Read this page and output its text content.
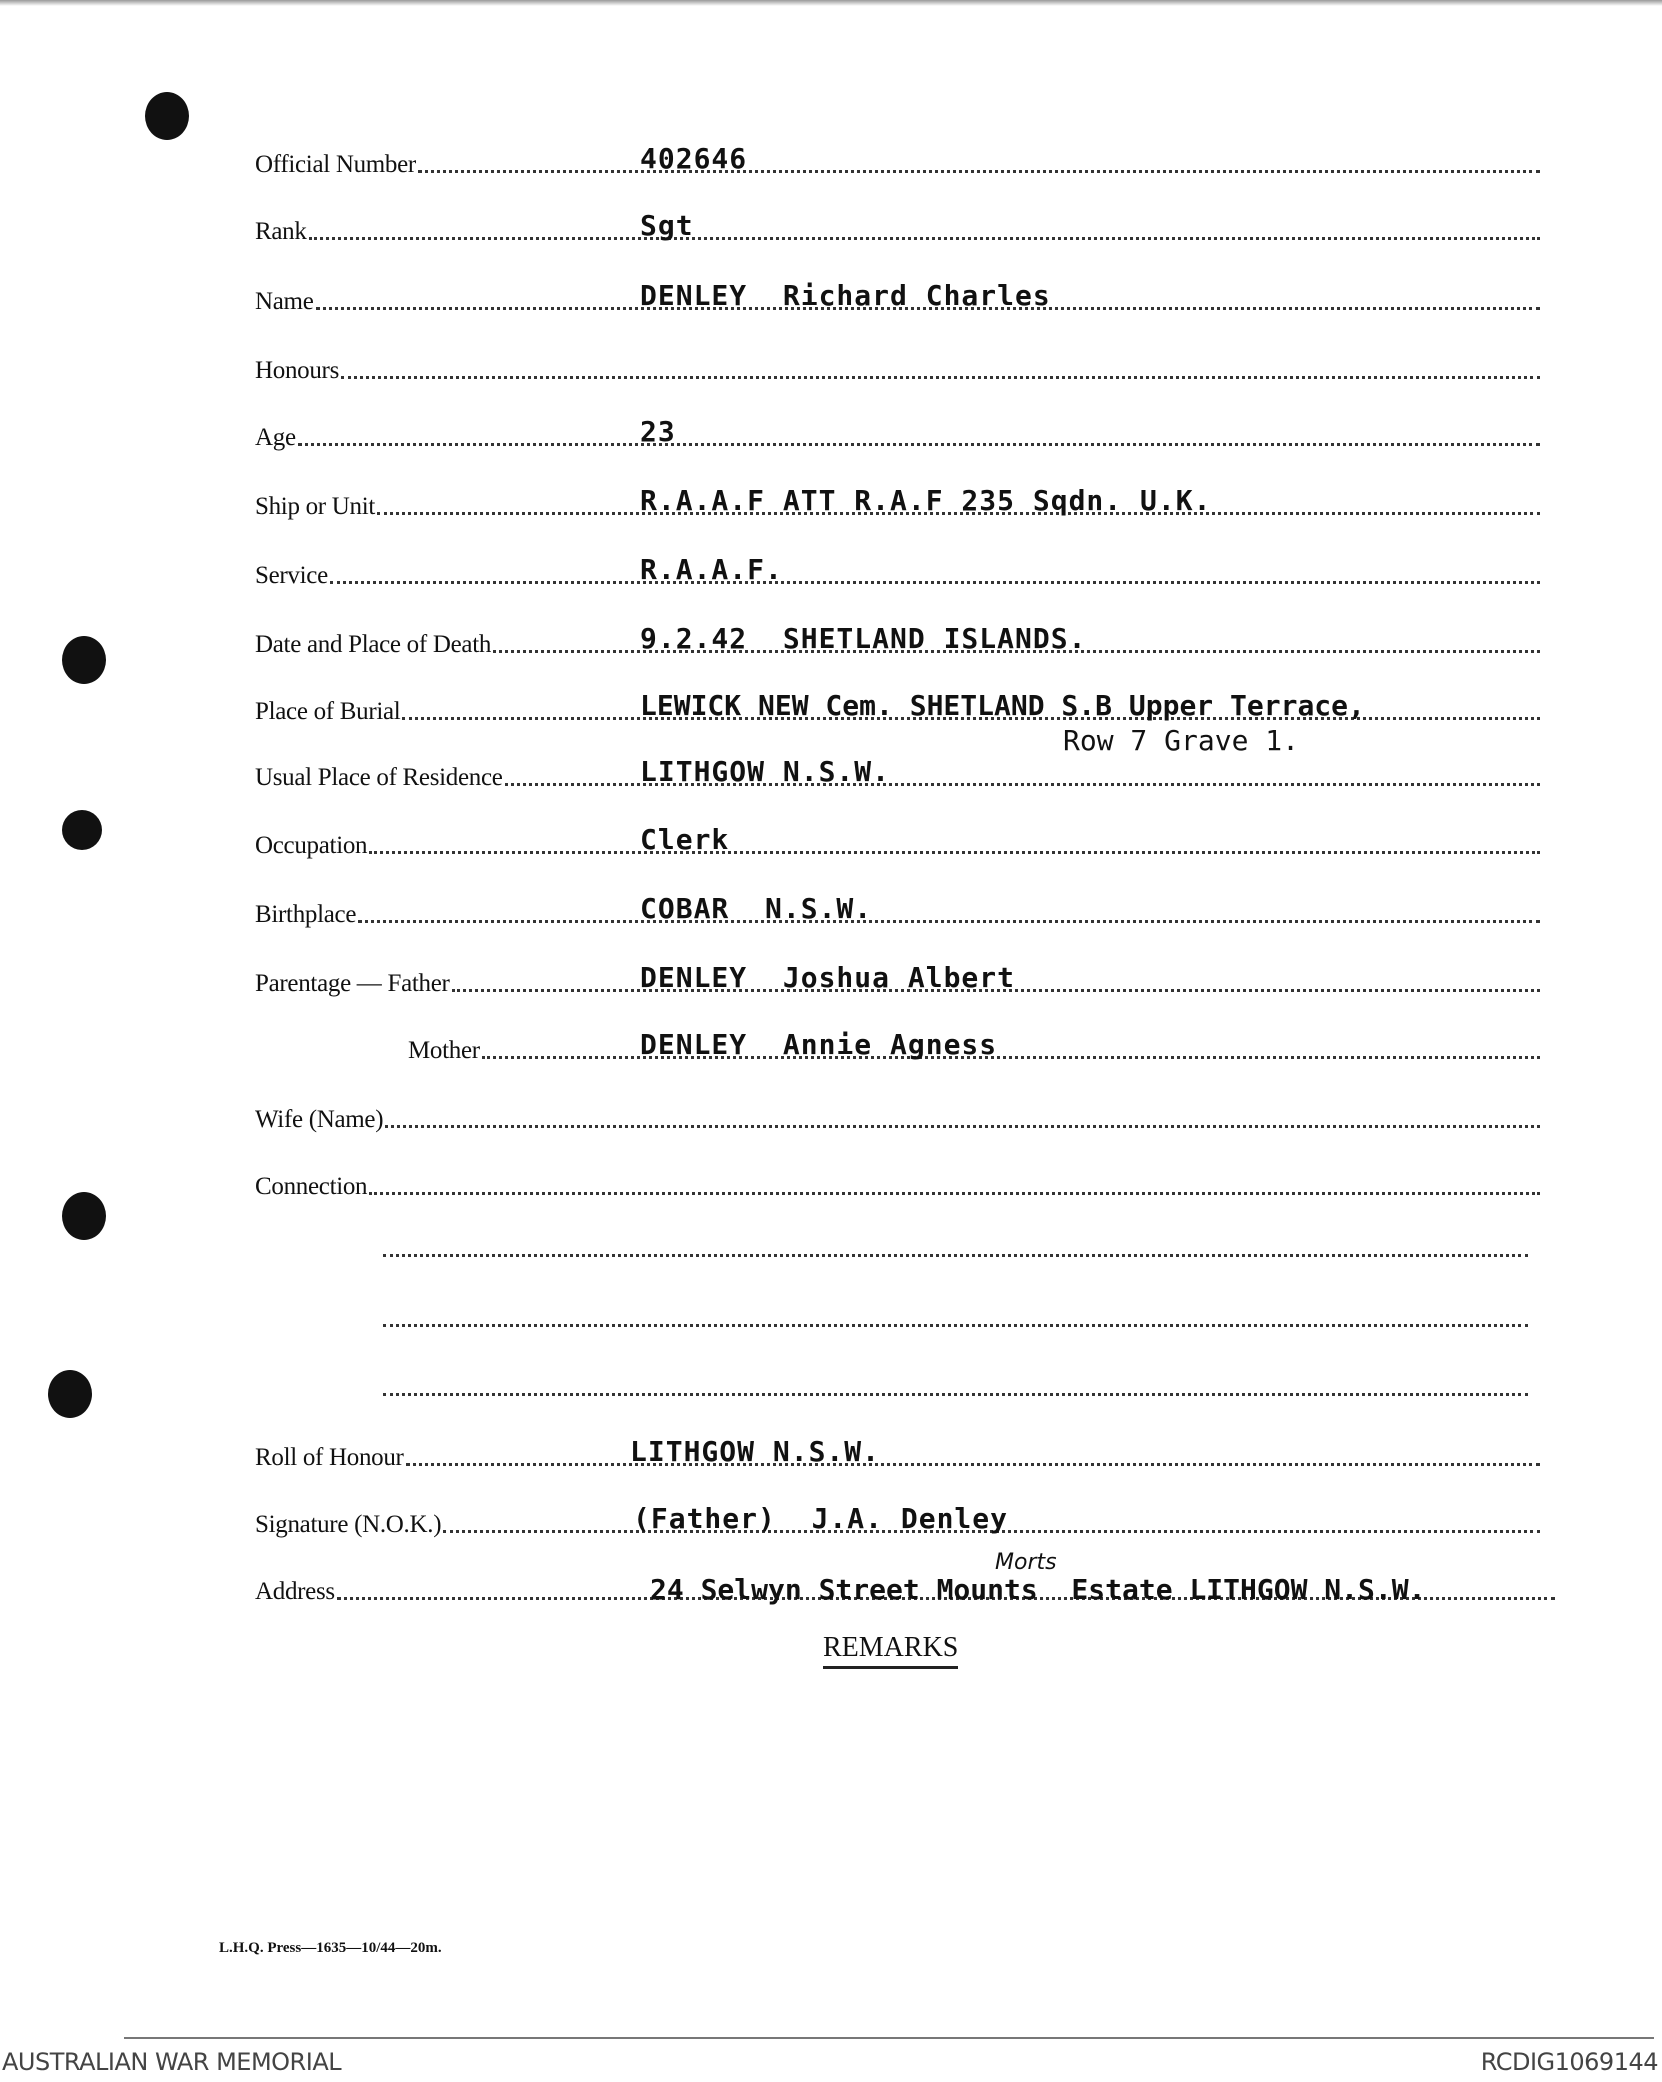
Official Number	402646
Rank	Sgt
Name	DENLEY  Richard Charles
Honours
Age	23
Ship or Unit	R.A.A.F ATT R.A.F 235 Sqdn. U.K.
Service	R.A.A.F.
Date and Place of Death	9.2.42  SHETLAND ISLANDS.
Place of Burial	LEWICK NEW Cem. SHETLAND S.B Upper Terrace,
Row 7 Grave 1.
Usual Place of Residence	LITHGOW N.S.W.
Occupation	Clerk
Birthplace	COBAR  N.S.W.
Parentage — Father	DENLEY  Joshua Albert
Mother	DENLEY  Annie Agness
Wife (Name)
Connection
Roll of Honour	LITHGOW N.S.W.
Signature (N.O.K.)	(Father)  J.A. Denley
Morts
Address	24 Selwyn Street Mounts  Estate LITHGOW N.S.W.
REMARKS
L.H.Q. Press—1635—10/44—20m.
AUSTRALIAN WAR MEMORIAL	RCDIG1069144
